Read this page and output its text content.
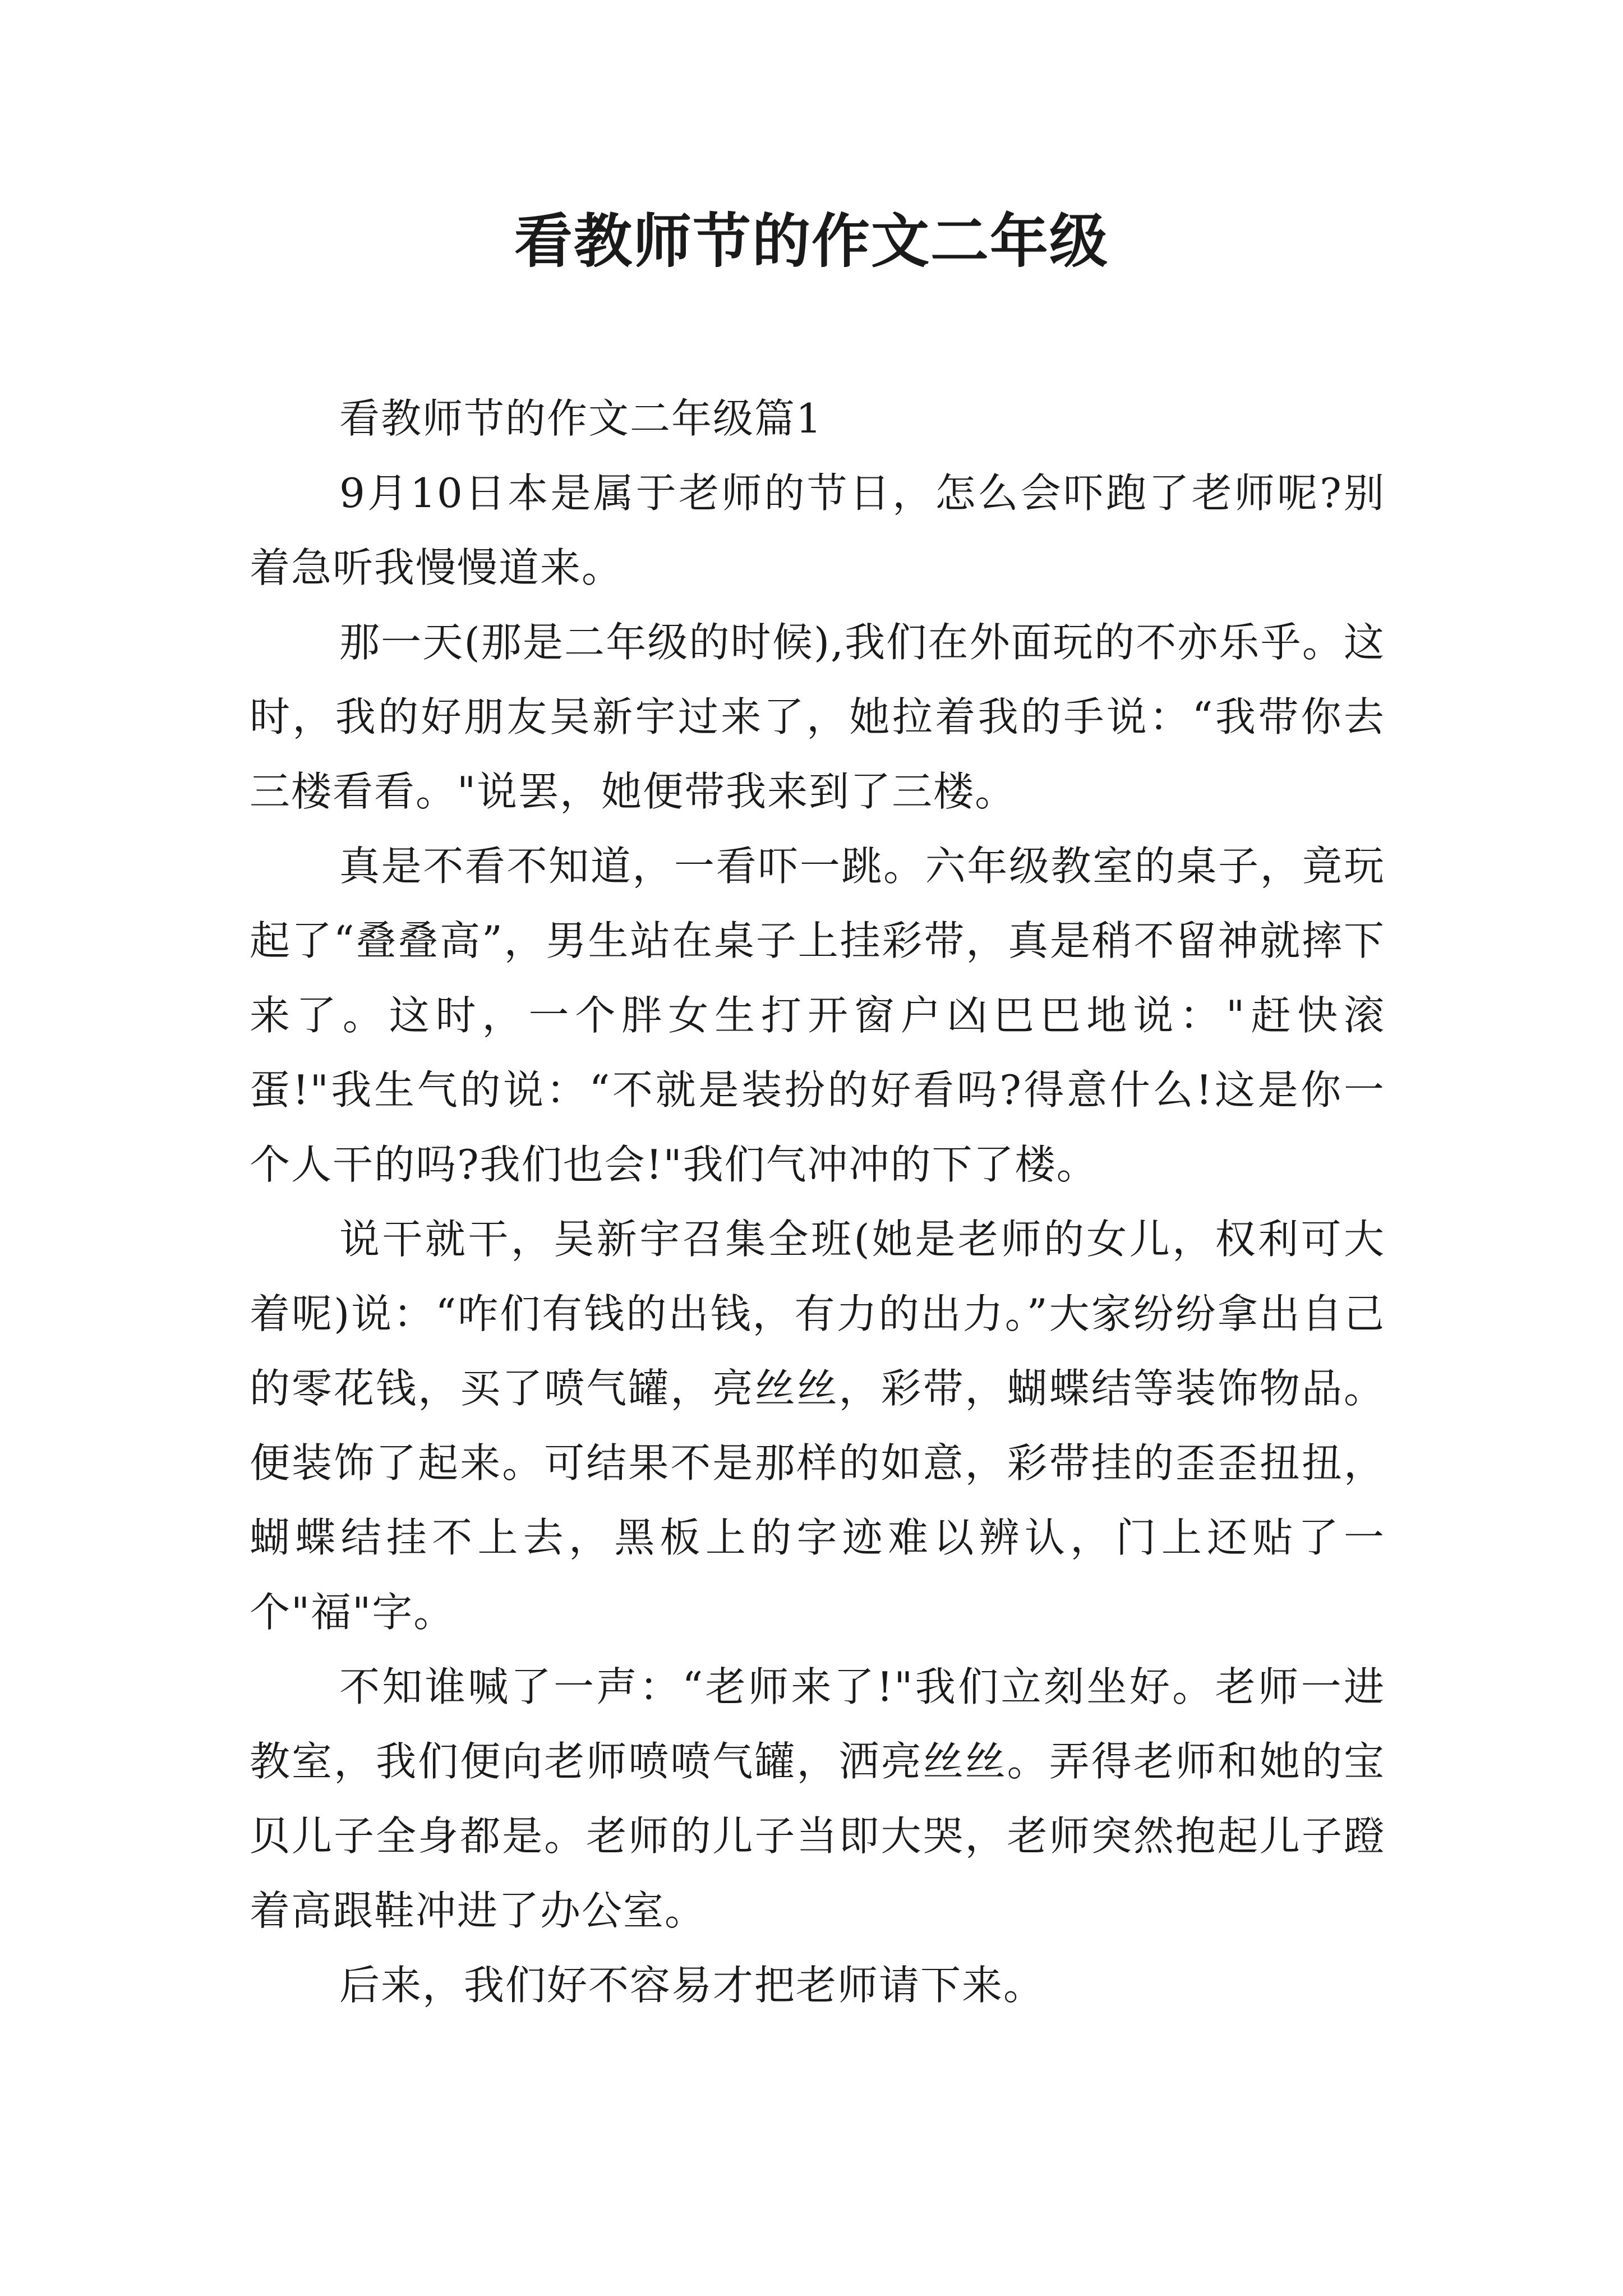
看教师节的作文二年级

看教师节的作文二年级篇1

9月10日本是属于老师的节日，怎么会吓跑了老师呢?别着急听我慢慢道来。

那一天(那是二年级的时候),我们在外面玩的不亦乐乎。这时，我的好朋友吴新宇过来了，她拉着我的手说：“我带你去三楼看看。"说罢，她便带我来到了三楼。

真是不看不知道，一看吓一跳。六年级教室的桌子，竟玩起了“叠叠高”，男生站在桌子上挂彩带，真是稍不留神就摔下来了。这时，一个胖女生打开窗户凶巴巴地说："赶快滚蛋!"我生气的说：“不就是装扮的好看吗?得意什么!这是你一个人干的吗?我们也会!"我们气冲冲的下了楼。

说干就干，吴新宇召集全班(她是老师的女儿，权利可大着呢)说：“咋们有钱的出钱，有力的出力。”大家纷纷拿出自己的零花钱，买了喷气罐，亮丝丝，彩带，蝴蝶结等装饰物品。便装饰了起来。可结果不是那样的如意，彩带挂的歪歪扭扭，蝴蝶结挂不上去，黑板上的字迹难以辨认，门上还贴了一个"福"字。

不知谁喊了一声：“老师来了!"我们立刻坐好。老师一进教室，我们便向老师喷喷气罐，洒亮丝丝。弄得老师和她的宝贝儿子全身都是。老师的儿子当即大哭，老师突然抱起儿子蹬着高跟鞋冲进了办公室。

后来，我们好不容易才把老师请下来。
